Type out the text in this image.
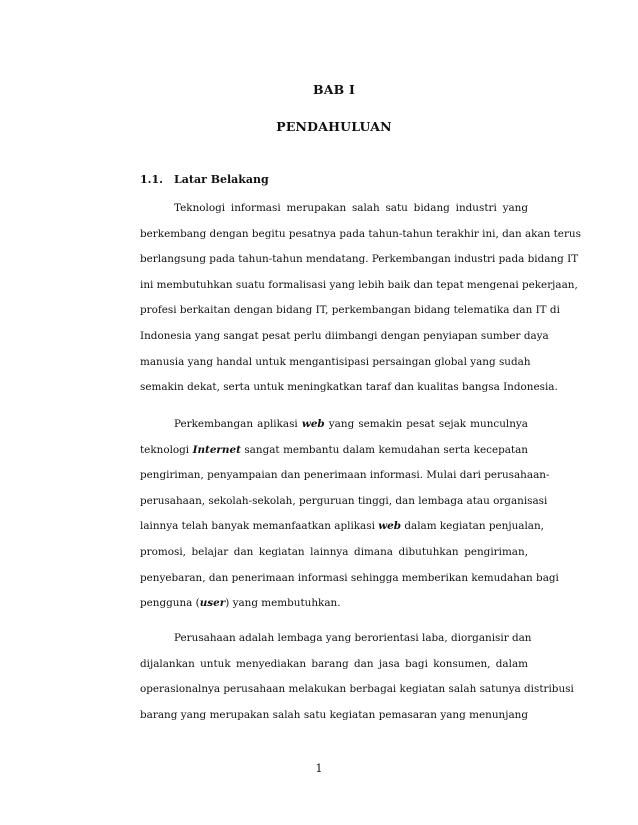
BAB I
PENDAHULUAN
1.1. Latar Belakang
Teknologi informasi merupakan salah satu bidang industri yang
berkembang dengan begitu pesatnya pada tahun-tahun terakhir ini, dan akan terus
berlangsung pada tahun-tahun mendatang. Perkembangan industri pada bidang IT
ini membutuhkan suatu formalisasi yang lebih baik dan tepat mengenai pekerjaan,
profesi berkaitan dengan bidang IT, perkembangan bidang telematika dan IT di
Indonesia yang sangat pesat perlu diimbangi dengan penyiapan sumber daya
manusia yang handal untuk mengantisipasi persaingan global yang sudah
semakin dekat, serta untuk meningkatkan taraf dan kualitas bangsa Indonesia.
Perkembangan aplikasi web yang semakin pesat sejak munculnya
teknologi Internet sangat membantu dalam kemudahan serta kecepatan
pengiriman, penyampaian dan penerimaan informasi. Mulai dari perusahaan-
perusahaan, sekolah-sekolah, perguruan tinggi, dan lembaga atau organisasi
lainnya telah banyak memanfaatkan aplikasi web dalam kegiatan penjualan,
promosi, belajar dan kegiatan lainnya dimana dibutuhkan pengiriman,
penyebaran, dan penerimaan informasi sehingga memberikan kemudahan bagi
pengguna (user) yang membutuhkan.
Perusahaan adalah lembaga yang berorientasi laba, diorganisir dan
dijalankan untuk menyediakan barang dan jasa bagi konsumen, dalam
operasionalnya perusahaan melakukan berbagai kegiatan salah satunya distribusi
barang yang merupakan salah satu kegiatan pemasaran yang menunjang
1
